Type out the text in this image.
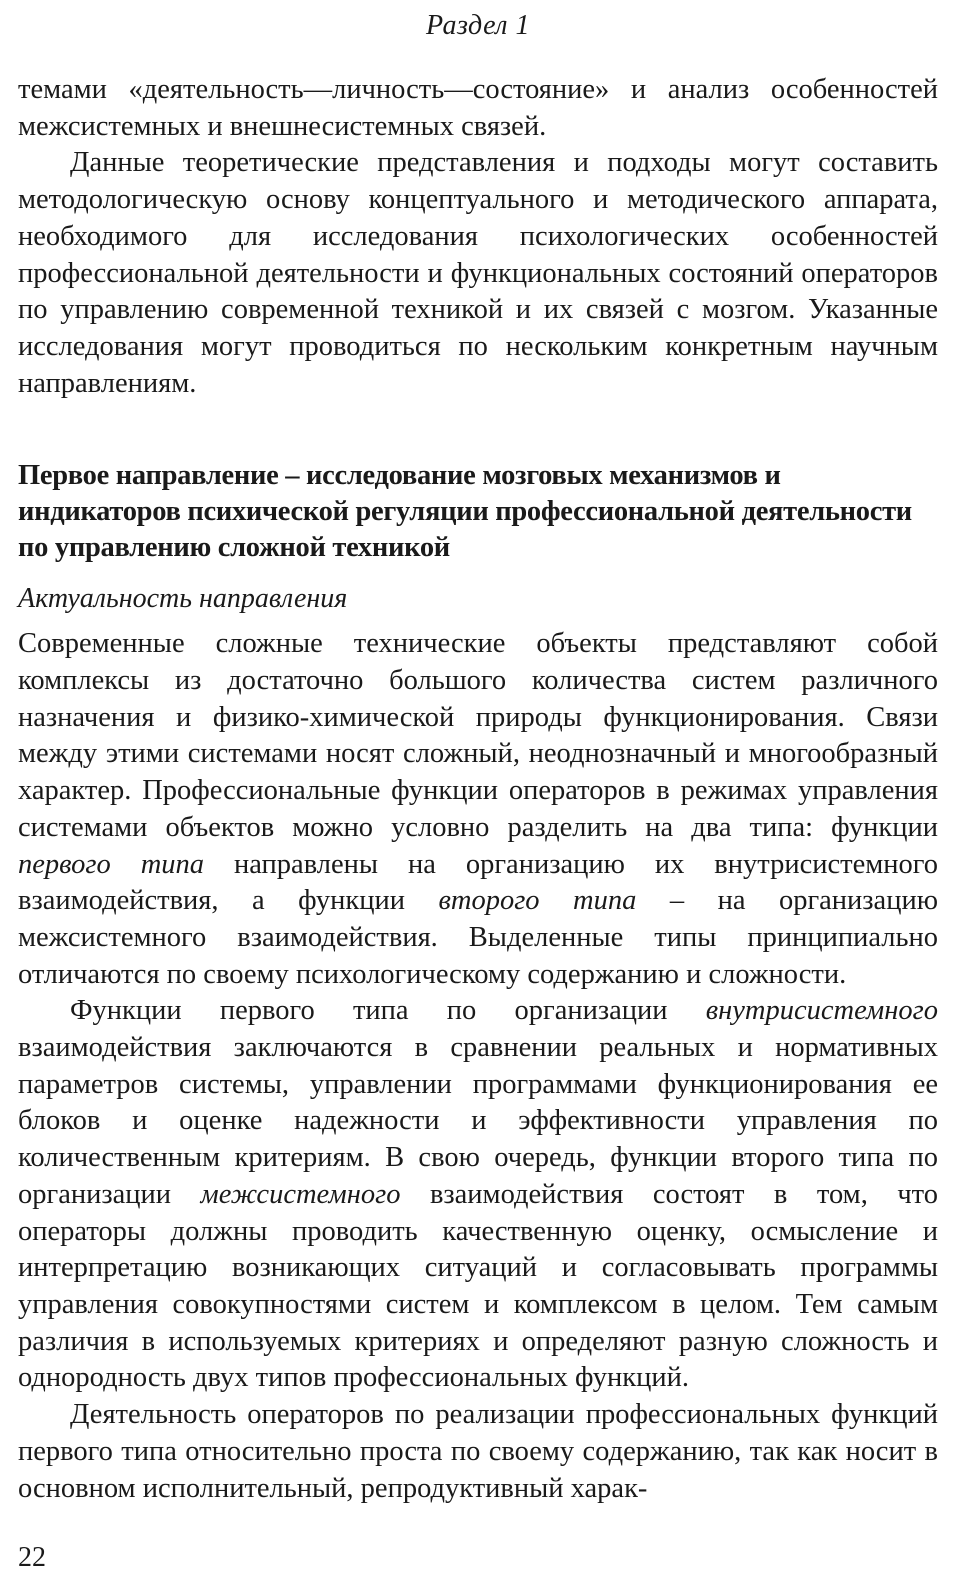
Раздел 1

темами «деятельность—личность—состояние» и анализ особенностей межсистемных и внешнесистемных связей.

Данные теоретические представления и подходы могут составить методологическую основу концептуального и методического аппарата, необходимого для исследования психологических особенностей профессиональной деятельности и функциональных состояний операторов по управлению современной техникой и их связей с мозгом. Указанные исследования могут проводиться по нескольким конкретным научным направлениям.

Первое направление – исследование мозговых механизмов и индикаторов психической регуляции профессиональной деятельности по управлению сложной техникой

Актуальность направления

Современные сложные технические объекты представляют собой комплексы из достаточно большого количества систем различного назначения и физико-химической природы функционирования. Связи между этими системами носят сложный, неоднозначный и многообразный характер. Профессиональные функции операторов в режимах управления системами объектов можно условно разделить на два типа: функции первого типа направлены на организацию их внутрисистемного взаимодействия, а функции второго типа – на организацию межсистемного взаимодействия. Выделенные типы принципиально отличаются по своему психологическому содержанию и сложности.

Функции первого типа по организации внутрисистемного взаимодействия заключаются в сравнении реальных и нормативных параметров системы, управлении программами функционирования ее блоков и оценке надежности и эффективности управления по количественным критериям. В свою очередь, функции второго типа по организации межсистемного взаимодействия состоят в том, что операторы должны проводить качественную оценку, осмысление и интерпретацию возникающих ситуаций и согласовывать программы управления совокупностями систем и комплексом в целом. Тем самым различия в используемых критериях и определяют разную сложность и однородность двух типов профессиональных функций.

Деятельность операторов по реализации профессиональных функций первого типа относительно проста по своему содержанию, так как носит в основном исполнительный, репродуктивный харак-

22
